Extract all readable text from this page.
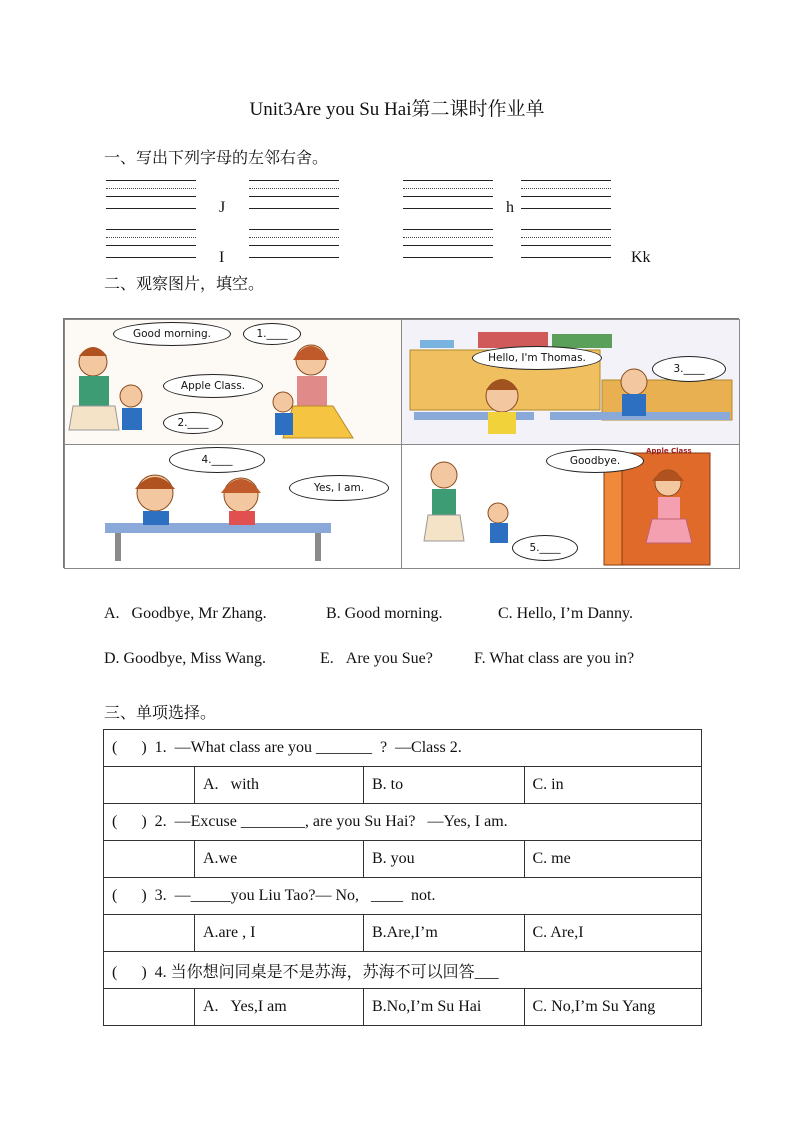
Unit3Are you Su Hai第二课时作业单
一、写出下列字母的左邻右舍。
J	h
I	Kk
二、观察图片，填空。
Good morning.	1.____
Apple Class.
2.____
Hello, I'm Thomas.
3.____
4.____
Yes, I am.
Apple Class
Goodbye.
5.____
A.   Goodbye, Mr Zhang.	B. Good morning.	C. Hello, I’m Danny.
D. Goodbye, Miss Wang.	E.   Are you Sue?	F. What class are you in?
三、单项选择。
(      )  1.  —What class are you _______  ?  —Class 2.			
	A.   with	B. to	C. in
(      )  2.  —Excuse ________, are you Su Hai?   —Yes, I am.			
	A.we	B. you	C. me
(      )  3.  —_____you Liu Tao?— No,   ____  not.			
	A.are , I	B.Are,I’m	C. Are,I
(      )  4. 当你想问同桌是不是苏海，苏海不可以回答___			
	A.   Yes,I am	B.No,I’m Su Hai	C. No,I’m Su Yang
